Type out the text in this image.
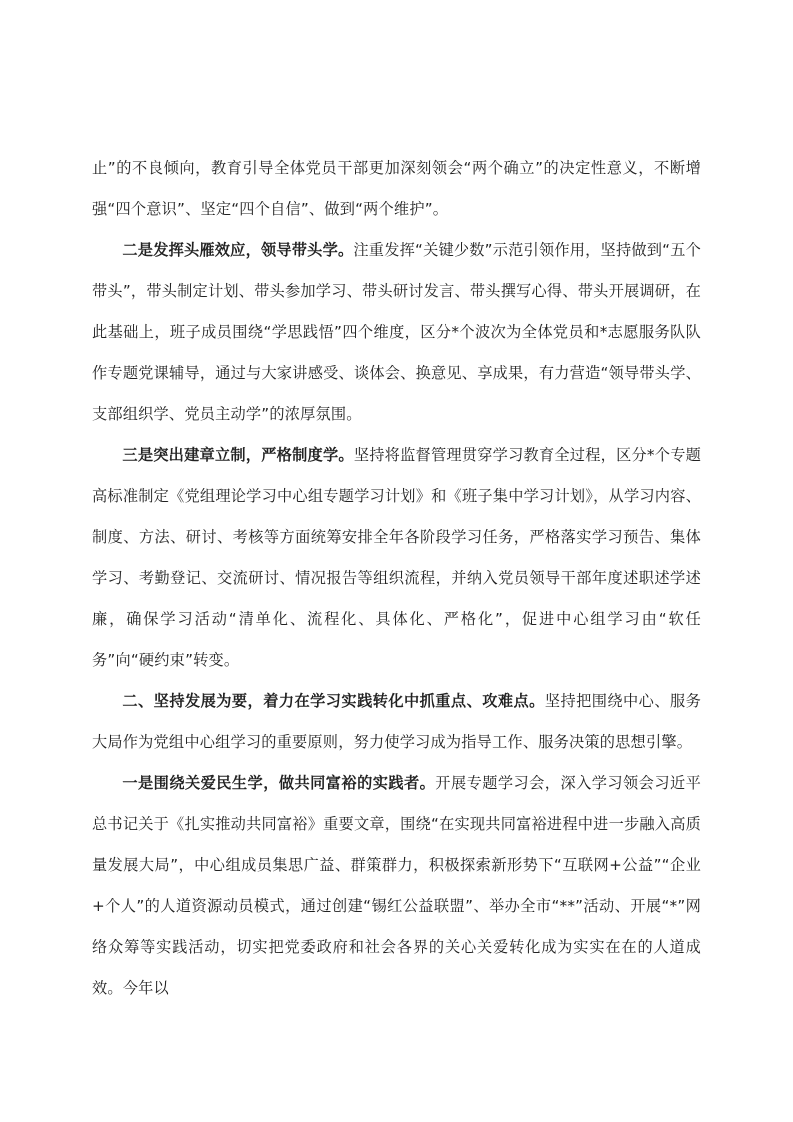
止”的不良倾向，教育引导全体党员干部更加深刻领会“两个确立”的决定性意义，不断增强“四个意识”、坚定“四个自信”、做到“两个维护”。

二是发挥头雁效应，领导带头学。注重发挥“关键少数”示范引领作用，坚持做到“五个带头”，带头制定计划、带头参加学习、带头研讨发言、带头撰写心得、带头开展调研，在此基础上，班子成员围绕“学思践悟”四个维度，区分*个波次为全体党员和*志愿服务队队作专题党课辅导，通过与大家讲感受、谈体会、换意见、享成果，有力营造“领导带头学、支部组织学、党员主动学”的浓厚氛围。

三是突出建章立制，严格制度学。坚持将监督管理贯穿学习教育全过程，区分*个专题高标准制定《党组理论学习中心组专题学习计划》和《班子集中学习计划》，从学习内容、制度、方法、研讨、考核等方面统筹安排全年各阶段学习任务，严格落实学习预告、集体学习、考勤登记、交流研讨、情况报告等组织流程，并纳入党员领导干部年度述职述学述廉，确保学习活动“清单化、流程化、具体化、严格化”，促进中心组学习由“软任务”向“硬约束”转变。

二、坚持发展为要，着力在学习实践转化中抓重点、攻难点。坚持把围绕中心、服务大局作为党组中心组学习的重要原则，努力使学习成为指导工作、服务决策的思想引擎。

一是围绕关爱民生学，做共同富裕的实践者。开展专题学习会，深入学习领会习近平总书记关于《扎实推动共同富裕》重要文章，围绕“在实现共同富裕进程中进一步融入高质量发展大局”，中心组成员集思广益、群策群力，积极探索新形势下“互联网+公益”“企业+个人”的人道资源动员模式，通过创建“锡红公益联盟”、举办全市“**”活动、开展“*”网络众筹等实践活动，切实把党委政府和社会各界的关心关爱转化成为实实在在的人道成效。今年以
